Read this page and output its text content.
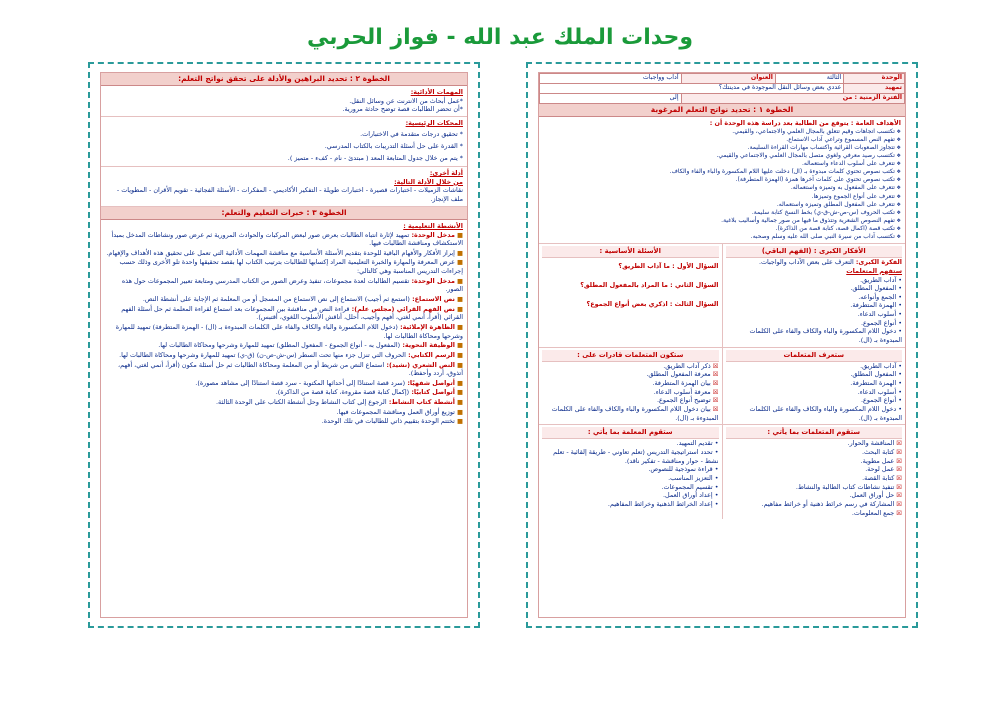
وحدات الملك عبد الله - فواز الحربي
الوحدة	الثالثة	العنوان	آداب وواجبات
تمهيد	عددي بعض وسائل النقل الموجودة في مدينتك؟		
الفترة الزمنية : من			إلى
الخطوة ١ : تحديد نواتج التعلم المرغوبة
الأهداف العامة : يتوقع من الطالبة بعد دراسة هذه الوحدة أن :
❖ تكتسب اتجاهات وقيم تتعلق بالمجال العلمي والاجتماعي، والقيمي.
❖ تفهم النص المسموع وتراعي آداب الاستماع.
❖ تتجاوز الصعوبات القرائية واكتساب مهارات القراءة السليمة.
❖ تكتسب رصيد معرفي ولغوي متصل بالمجال العلمي والاجتماعي والقيمي.
❖ تتعرف على أسلوب الدعاء واستعماله.
❖ تكتب نصوص تحتوي كلمات مبدوءة بـ (ال) دخلت عليها اللام المكسورة والباء والفاء والكاف.
❖ تكتب نصوص تحتوي على كلمات آخرها همزة (الهمزة المتطرفة).
❖ تتعرف على المفعول به وتميزه واستعماله.
❖ تتعرف على أنواع الجموع وتميزها.
❖ تتعرف على المفعول المطلق وتميزه واستعماله.
❖ تكتب الحروف (س-ص-ش-ق-ي) بخط النسخ كتابة سليمة.
❖ تفهم النصوص الشعرية وتتذوق ما فيها من صور جمالية وأساليب بلاغية.
❖ تكتب قصة (اكمال قصة، كتابة قصة من الذاكرة).
❖ تكتسب آداب من سيرة النبي صلى الله عليه وسلم وصحبه.
الأفكار الكبرى : (الفهم الباقي)
الفكرة الكبرى: التعرف على بعض الآداب والواجبات.
ستفهم المتعلمات
• آداب الطريق.
• المفعول المطلق.
• الجمع وأنواعه.
• الهمزة المتطرفة.
• أسلوب الدعاء.
• أنواع الجموع.
• دخول اللام المكسورة والباء والكاف والفاء على الكلمات المبدوءة بـ (ال).
الأسئلة الأساسية :
السؤال الأول : ما آداب الطريق؟
السؤال الثاني : ما المراد بالمفعول المطلق؟
السؤال الثالث : اذكري بعض أنواع الجموع؟
ستعرف المتعلمات
• آداب الطريق.
• المفعول المطلق.
• الهمزة المتطرفة.
• أسلوب الدعاء.
• أنواع الجموع.
• دخول اللام المكسورة والباء والكاف والفاء على الكلمات المبدوءة بـ (ال).
ستكون المتعلمات قادرات على :
☒ ذكر آداب الطريق.
☒ معرفة المفعول المطلق.
☒ بيان الهمزة المتطرفة.
☒ معرفة أسلوب الدعاء.
☒ توضيح أنواع الجموع.
☒ بيان دخول اللام المكسورة والباء والكاف والفاء على الكلمات المبدوءة بـ (ال).
ستقوم المتعلمات بما يأتي :
☒ المناقشة والحوار.
☒ كتابة البحث.
☒ عمل مطوية.
☒ عمل لوحة.
☒ كتابة القصة.
☒ تنفيذ نشاطات كتاب الطالبة والنشاط.
☒ حل أوراق العمل.
☒ المشاركة في رسم خرائط ذهنية أو خرائط مفاهيم.
☒ جمع المعلومات.
ستقوم المعلمة بما يأتي :
• تقديم التمهيد.
• تحدد استراتيجية التدريس (تعلم تعاوني - طريقة إلقائية - تعلم نشط - حوار ومناقشة - تفكير ناقد).
• قراءة نموذجية للنصوص.
• التعزيز المناسب.
• تقسيم المجموعات.
• إعداد أوراق العمل.
• إعداد الخرائط الذهنية وخرائط المفاهيم.
الخطوة ٢ : تحديد البراهين والأدلة على تحقق نواتج التعلم:
المهمات الأدائية:
*عمل أبحاث من الانترنت عن وسائل النقل.
*أن تحضر الطالبات قصة توضح حادثة مرورية.
المحكات الرئيسية:
* تحقيق درجات متقدمة في الاختبارات.
* القدرة على حل أسئلة التدريبات بالكتاب المدرسي.
* يتم من خلال جدول المتابعة المعد ( مبتدئ - نام - كفء - متميز ).
أدلة أخرى:
من خلال الأدلة التالية:
نقاشات الزميلات - اختبارات قصيرة - اختبارات طويلة - التفكير الأكاديمي - المفكرات - الأسئلة الفجائية - تقويم الأقران - المطويات - ملف الإنجاز.
الخطوة ٣ : خبرات التعليم والتعلم:
الأنشطة التعليمية :
■ مدخل الوحدة: تمهيد لإثارة انتباه الطالبات بعرض صور لبعض المركبات والحوادث المرورية ثم عرض صور ونشاطات المدخل بمبدأ الاستكشاف ومناقشة الطالبات فيها.
■ إبراز الأفكار والأفهام الباقية للوحدة بتقديم الأسئلة الأساسية مع مناقشة المهمات الأدائية التي تعمل على تحقيق هذه الأهداف والإفهام.
■ عرض المعرفة والمهارة والخبرة التعليمية المراد إكسابها للطالبات بترتيب الكتاب لها بقصد تحقيقها واحدة تلو الأخرى وذلك حسب إجراءات التدريس المناسبة وهي كالتالي:
■ مدخل الوحدة: تقسيم الطالبات لعدة مجموعات، تنفيذ وعرض الصور من الكتاب المدرسي ومتابعة تعبير المجموعات حول هذه الصور.
■ نص الاستماع: (استمع ثم أجيب) الاستماع إلى نص الاستماع من المسجل أو من المعلمة ثم الإجابة على أنشطة النص.
■ نص الفهم القرائي (مجلس علم): قراءة النص في مناقشة بين المجموعات بعد استماع لقراءة المعلمة ثم حل أسئلة الفهم القرائي (أقرأ، أنمي لغتي، أفهم وأجيب، أحلل، أناقش الأسلوب اللغوي، أقتبس).
■ الظاهرة الإملائية: (دخول اللام المكسورة والباء والكاف والفاء على الكلمات المبدوءة بـ (ال) - الهمزة المتطرفة) تمهيد للمهارة وشرحها ومحاكاة الطالبات لها.
■ الوظيفة النحوية: (المفعول به - أنواع الجموع - المفعول المطلق) تمهيد للمهارة وشرحها ومحاكاة الطالبات لها.
■ الرسم الكتابي: الحروف التي تنزل جزء منها تحت السطر (س-ش-ص-ن) (ق-ي) تمهيد للمهارة وشرحها ومحاكاة الطالبات لها.
■ النص الشعري (نشيد): استماع النص من شريط أو من المعلمة ومحاكاة الطالبات ثم حل أسئلة مكون (أقرأ، أنمي لغتي، أفهم، أتذوق، أردد وأحفظ).
■ أتواصل شفهيًا: (سرد قصة استنادًا إلى أحداثها المكتوبة - سرد قصة استنادًا إلى مشاهد مصورة).
■ أتواصل كتابيًا: (إكمال كتابة قصة مقروءة، كتابة قصة من الذاكرة).
■ أنشطة كتاب النشاط: الرجوع إلى كتاب النشاط وحل أنشطة الكتاب على الوحدة الثالثة.
■ توزيع أوراق العمل ومناقشة المجموعات فيها.
■ تختتم الوحدة بتقييم ذاتي للطالبات في تلك الوحدة.
